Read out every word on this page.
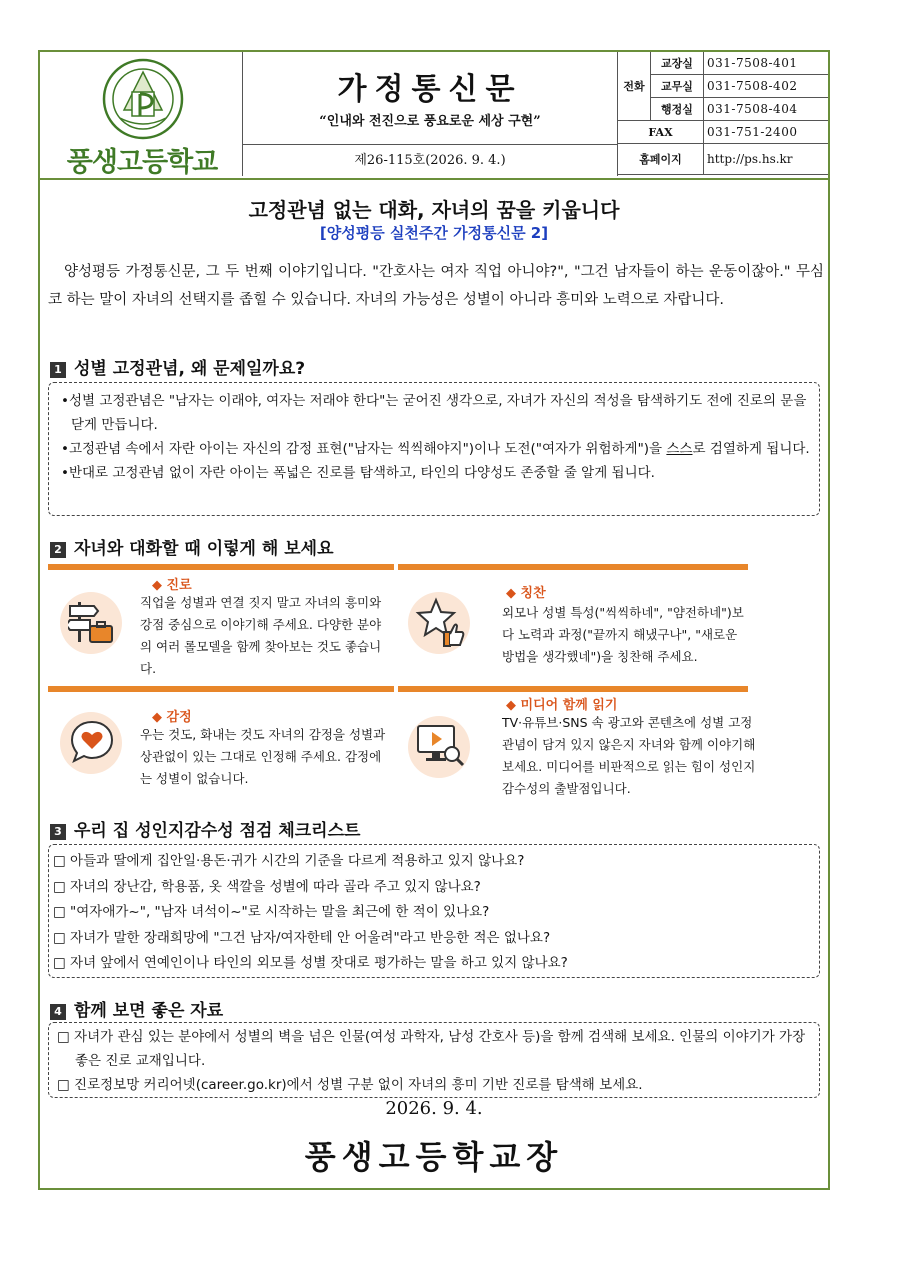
풍생고등학교
가정통신문
“인내와 전진으로 풍요로운 세상 구현”
제26-115호(2026. 9. 4.)
전화	교장실	031-7508-401
	교무실	031-7508-402
	행정실	031-7508-404
FAX		031-751-2400
홈페이지		http://ps.hs.kr
고정관념 없는 대화, 자녀의 꿈을 키웁니다
[양성평등 실천주간 가정통신문 2]
양성평등 가정통신문, 그 두 번째 이야기입니다. "간호사는 여자 직업 아니야?", "그건 남자들이 하는 운동이잖아." 무심코 하는 말이 자녀의 선택지를 좁힐 수 있습니다. 자녀의 가능성은 성별이 아니라 흥미와 노력으로 자랍니다.
1 성별 고정관념, 왜 문제일까요?
•성별 고정관념은 "남자는 이래야, 여자는 저래야 한다"는 굳어진 생각으로, 자녀가 자신의 적성을 탐색하기도 전에 진로의 문을 닫게 만듭니다.
•고정관념 속에서 자란 아이는 자신의 감정 표현("남자는 씩씩해야지")이나 도전("여자가 위험하게")을 스스로 검열하게 됩니다.
•반대로 고정관념 없이 자란 아이는 폭넓은 진로를 탐색하고, 타인의 다양성도 존중할 줄 알게 됩니다.
2 자녀와 대화할 때 이렇게 해 보세요
◆ 진로
직업을 성별과 연결 짓지 말고 자녀의 흥미와 강점 중심으로 이야기해 주세요. 다양한 분야의 여러 롤모델을 함께 찾아보는 것도 좋습니다.
◆ 칭찬
외모나 성별 특성("씩씩하네", "얌전하네")보다 노력과 과정("끝까지 해냈구나", "새로운 방법을 생각했네")을 칭찬해 주세요.
◆ 감정
우는 것도, 화내는 것도 자녀의 감정을 성별과 상관없이 있는 그대로 인정해 주세요. 감정에는 성별이 없습니다.
◆ 미디어 함께 읽기
TV·유튜브·SNS 속 광고와 콘텐츠에 성별 고정관념이 담겨 있지 않은지 자녀와 함께 이야기해 보세요. 미디어를 비판적으로 읽는 힘이 성인지 감수성의 출발점입니다.
3 우리 집 성인지감수성 점검 체크리스트
□ 아들과 딸에게 집안일·용돈·귀가 시간의 기준을 다르게 적용하고 있지 않나요?
□ 자녀의 장난감, 학용품, 옷 색깔을 성별에 따라 골라 주고 있지 않나요?
□ "여자애가~", "남자 녀석이~"로 시작하는 말을 최근에 한 적이 있나요?
□ 자녀가 말한 장래희망에 "그건 남자/여자한테 안 어울려"라고 반응한 적은 없나요?
□ 자녀 앞에서 연예인이나 타인의 외모를 성별 잣대로 평가하는 말을 하고 있지 않나요?
4 함께 보면 좋은 자료
□ 자녀가 관심 있는 분야에서 성별의 벽을 넘은 인물(여성 과학자, 남성 간호사 등)을 함께 검색해 보세요. 인물의 이야기가 가장 좋은 진로 교재입니다.
□ 진로정보망 커리어넷(career.go.kr)에서 성별 구분 없이 자녀의 흥미 기반 진로를 탐색해 보세요.
2026. 9. 4.
풍생고등학교장
